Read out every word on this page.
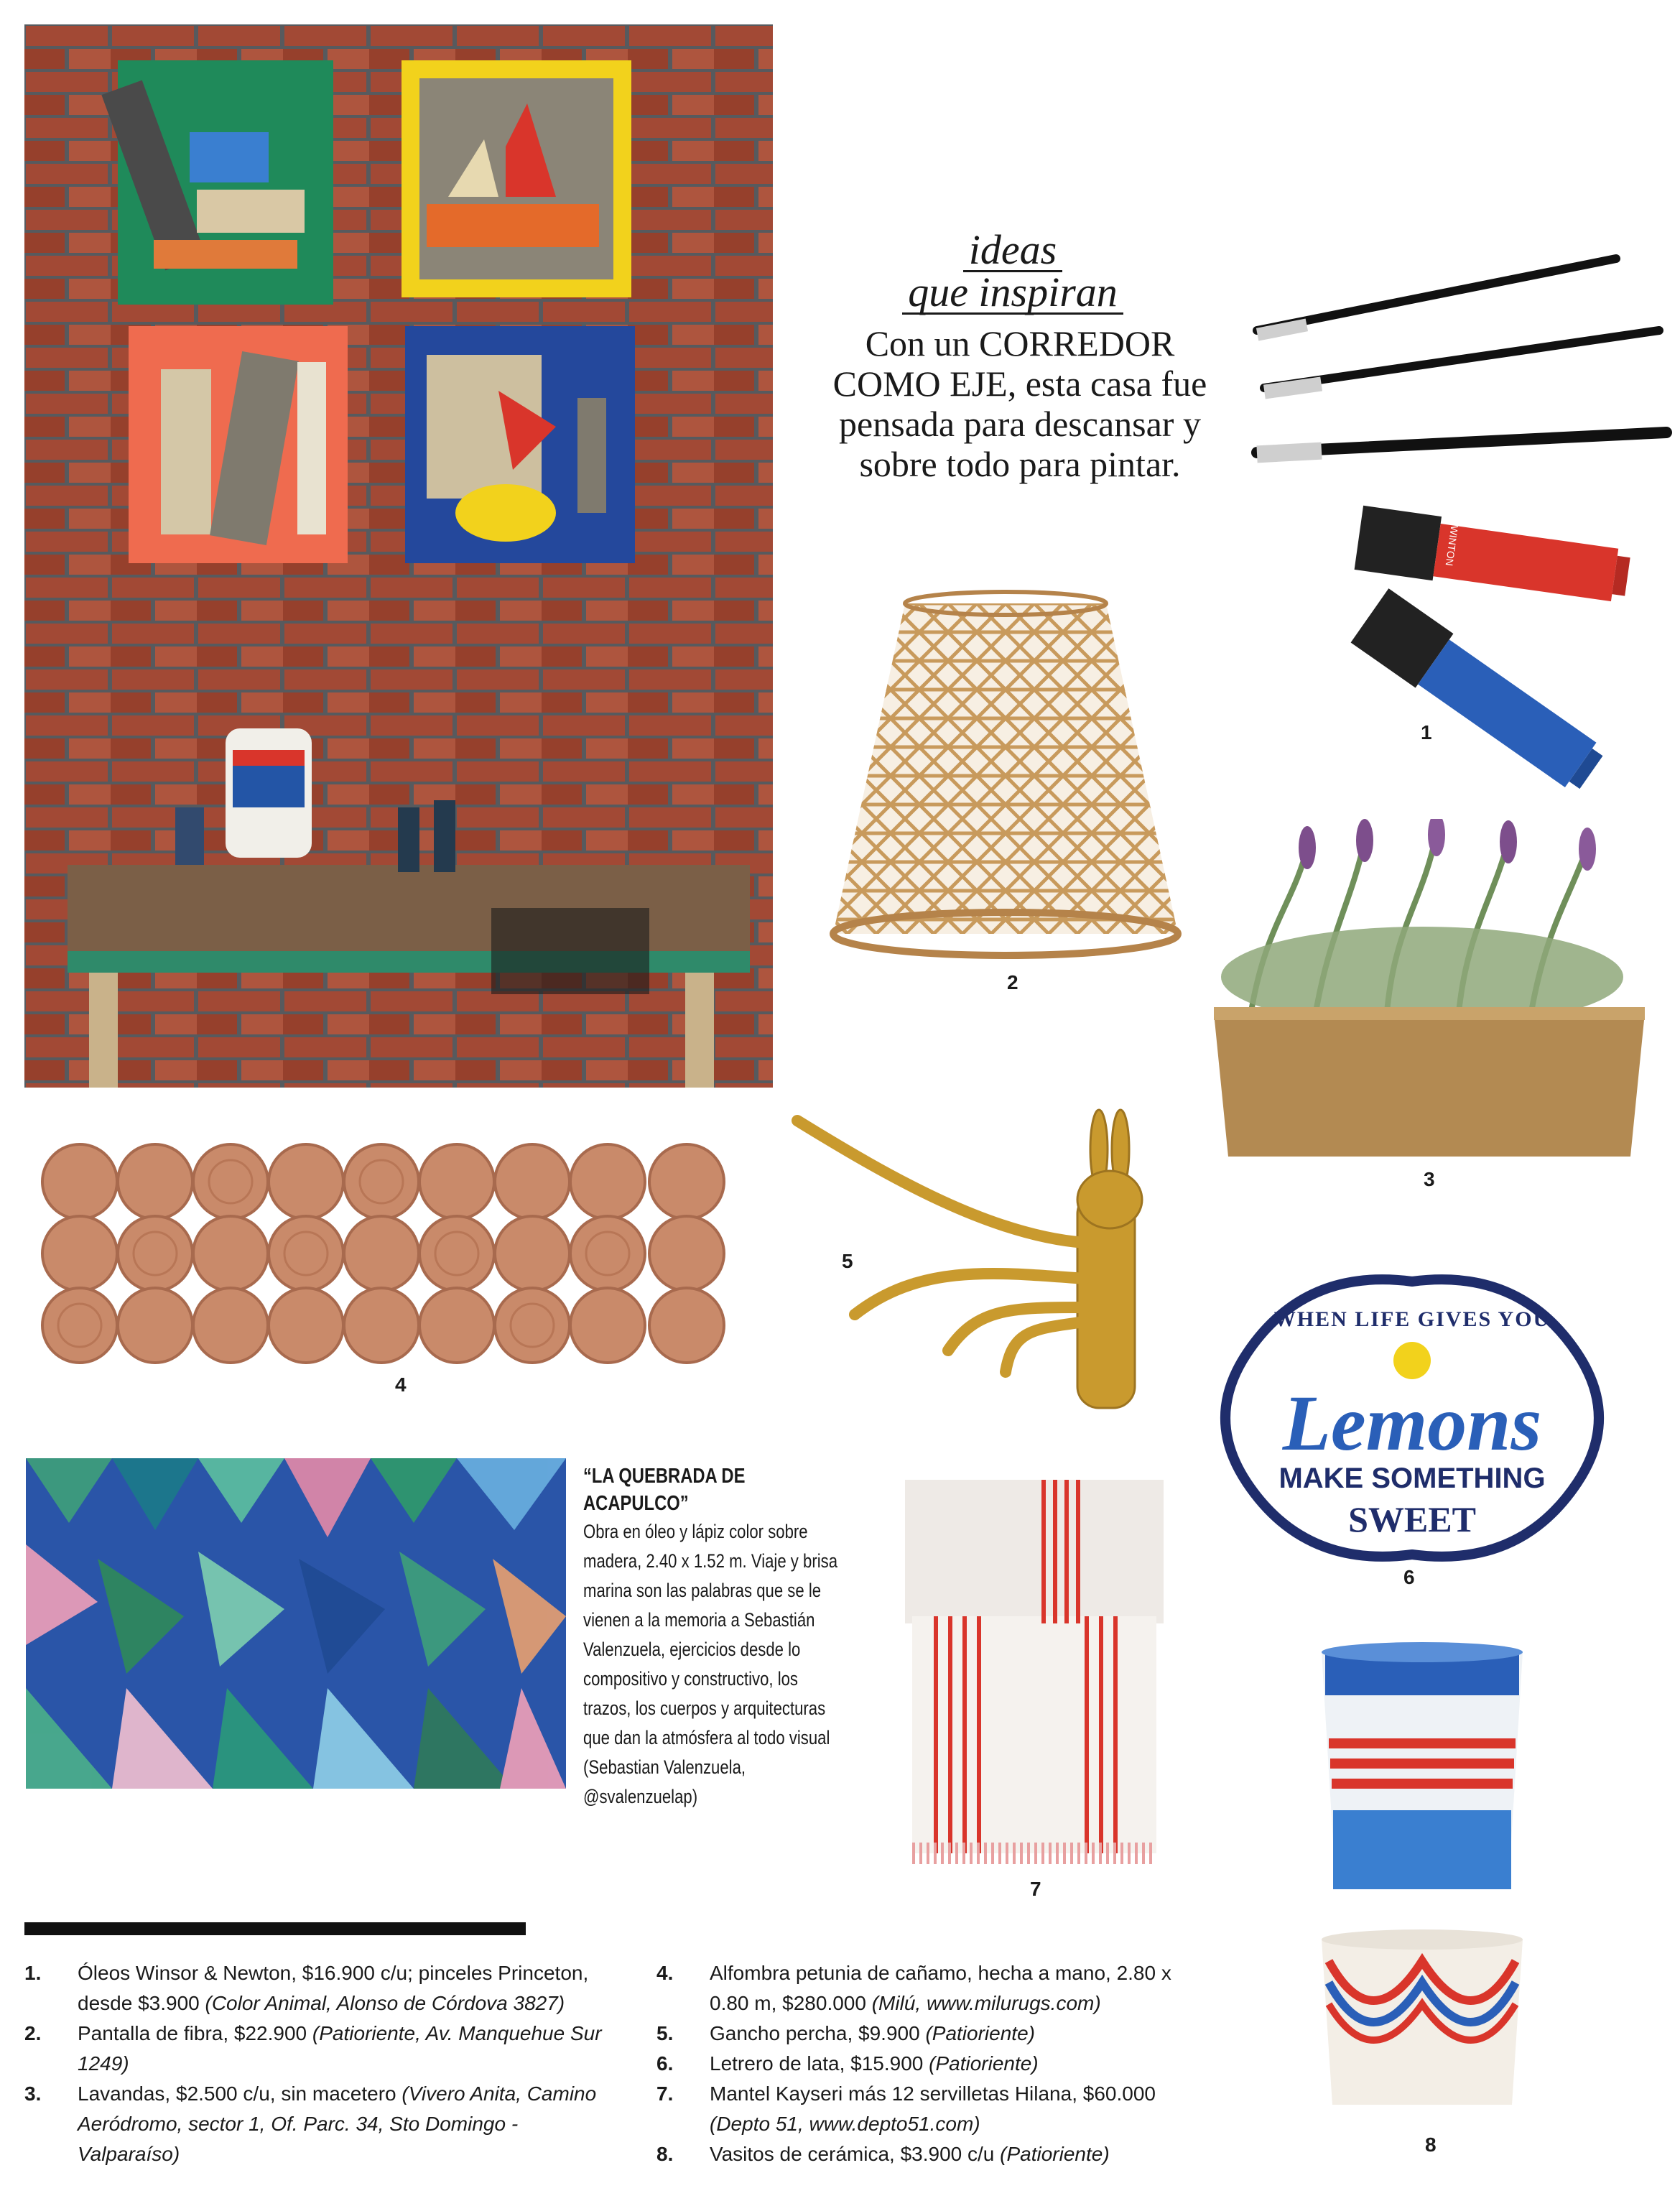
ideas
que inspiran
Con un CORREDOR COMO EJE, esta casa fue pensada para descansar y sobre todo para pintar.
WINTON
1
2
3
4
5
WHEN LIFE GIVES YOU
Lemons
MAKE SOMETHING
SWEET
6
“LA QUEBRADA DE ACAPULCO”
Obra en óleo y lápiz color sobre madera, 2.40 x 1.52 m. Viaje y brisa marina son las palabras que se le vienen a la memoria a Sebastián Valenzuela, ejercicios desde lo compositivo y constructivo, los trazos, los cuerpos y arquitecturas que dan la atmósfera al todo visual (Sebastian Valenzuela, @svalenzuelap)
7
8
1. Óleos Winsor & Newton, $16.900 c/u; pinceles Princeton, desde $3.900 (Color Animal, Alonso de Córdova 3827)
2. Pantalla de fibra, $22.900 (Patioriente, Av. Manquehue Sur 1249)
3. Lavandas, $2.500 c/u, sin macetero (Vivero Anita, Camino Aeródromo, sector 1, Of. Parc. 34, Sto Domingo - Valparaíso)
4. Alfombra petunia de cañamo, hecha a mano, 2.80 x 0.80 m, $280.000 (Milú, www.milurugs.com)
5. Gancho percha, $9.900 (Patioriente)
6. Letrero de lata, $15.900 (Patioriente)
7. Mantel Kayseri más 12 servilletas Hilana, $60.000 (Depto 51, www.depto51.com)
8. Vasitos de cerámica, $3.900 c/u (Patioriente)
